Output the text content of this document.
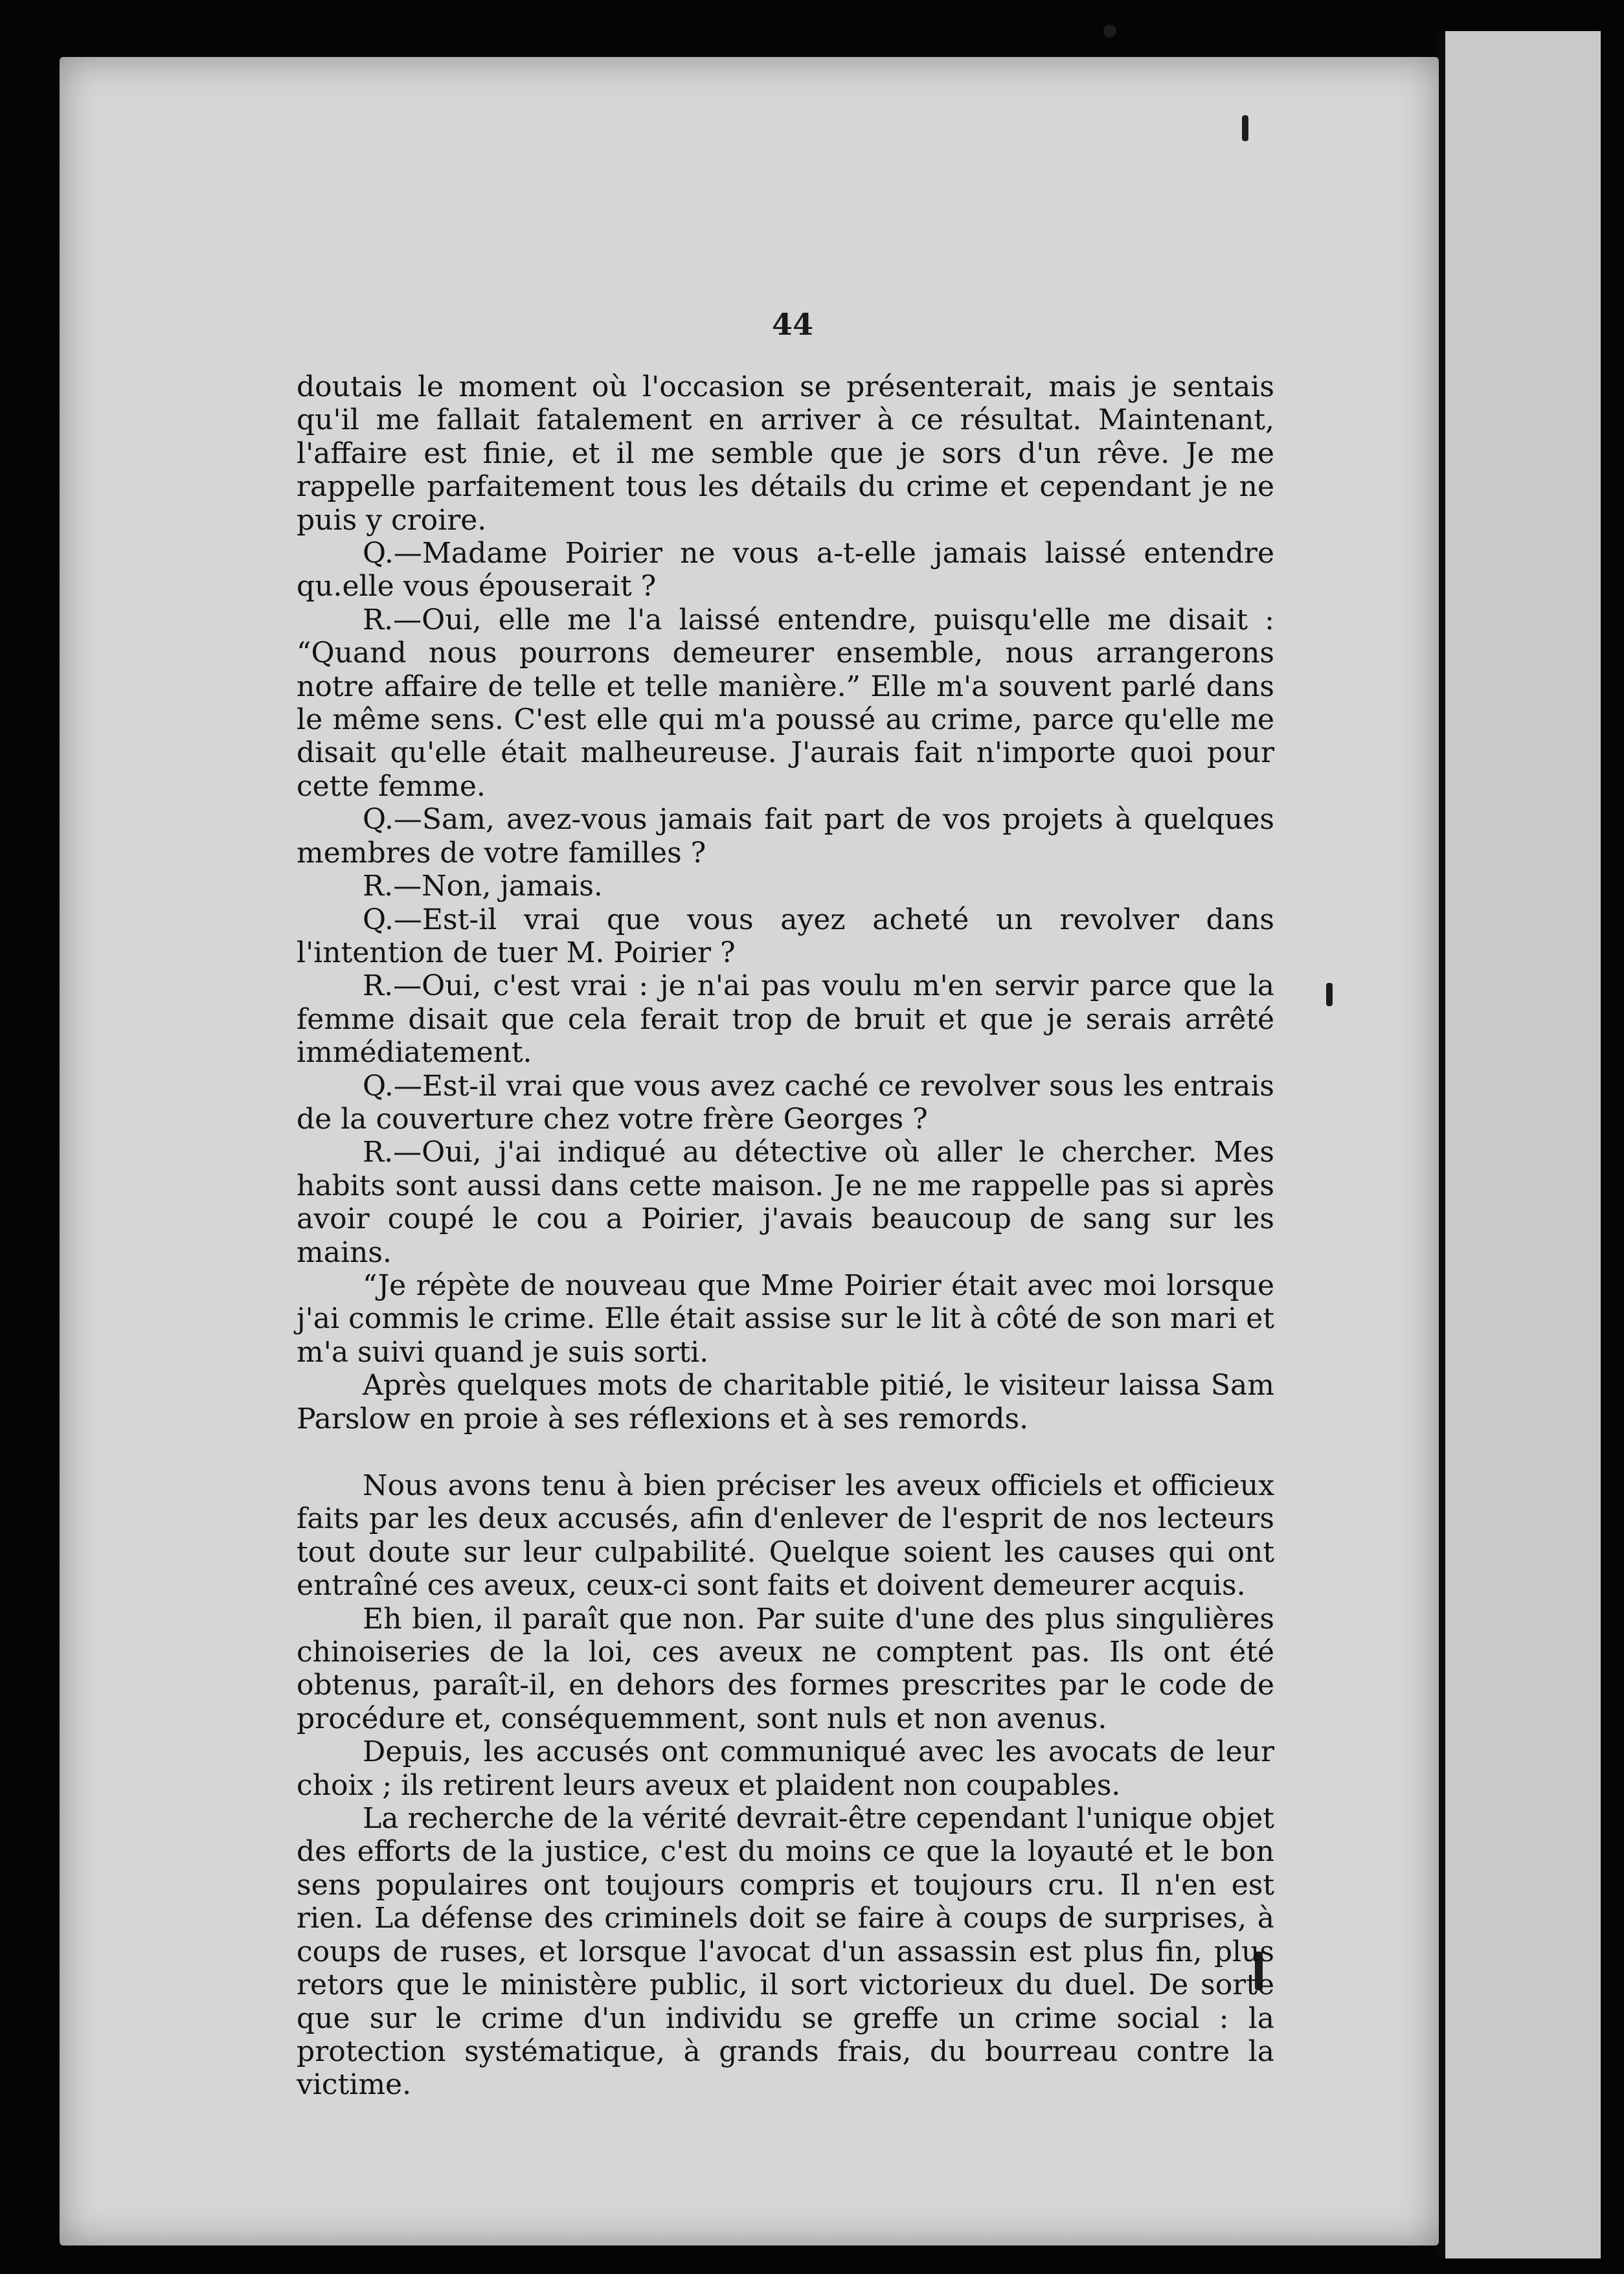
44

doutais le moment où l'occasion se présenterait, mais je sentais qu'il me fallait fatalement en arriver à ce résultat. Maintenant, l'affaire est finie, et il me semble que je sors d'un rêve. Je me rappelle parfaitement tous les détails du crime et cependant je ne puis y croire.

Q.—Madame Poirier ne vous a-t-elle jamais laissé entendre qu.elle vous épouserait ?

R.—Oui, elle me l'a laissé entendre, puisqu'elle me disait : “Quand nous pourrons demeurer ensemble, nous arrangerons notre affaire de telle et telle manière.” Elle m'a souvent parlé dans le même sens. C'est elle qui m'a poussé au crime, parce qu'elle me disait qu'elle était malheureuse. J'aurais fait n'importe quoi pour cette femme.

Q.—Sam, avez-vous jamais fait part de vos projets à quelques membres de votre familles ?

R.—Non, jamais.

Q.—Est-il vrai que vous ayez acheté un revolver dans l'intention de tuer M. Poirier ?

R.—Oui, c'est vrai : je n'ai pas voulu m'en servir parce que la femme disait que cela ferait trop de bruit et que je serais arrêté immédiatement.

Q.—Est-il vrai que vous avez caché ce revolver sous les entrais de la couverture chez votre frère Georges ?

R.—Oui, j'ai indiqué au détective où aller le chercher. Mes habits sont aussi dans cette maison. Je ne me rappelle pas si après avoir coupé le cou a Poirier, j'avais beaucoup de sang sur les mains.

“Je répète de nouveau que Mme Poirier était avec moi lorsque j'ai commis le crime. Elle était assise sur le lit à côté de son mari et m'a suivi quand je suis sorti.

Après quelques mots de charitable pitié, le visiteur laissa Sam Parslow en proie à ses réflexions et à ses remords.

Nous avons tenu à bien préciser les aveux officiels et officieux faits par les deux accusés, afin d'enlever de l'esprit de nos lecteurs tout doute sur leur culpabilité. Quelque soient les causes qui ont entraîné ces aveux, ceux-ci sont faits et doivent demeurer acquis.

Eh bien, il paraît que non. Par suite d'une des plus singulières chinoiseries de la loi, ces aveux ne comptent pas. Ils ont été obtenus, paraît-il, en dehors des formes prescrites par le code de procédure et, conséquemment, sont nuls et non avenus.

Depuis, les accusés ont communiqué avec les avocats de leur choix ; ils retirent leurs aveux et plaident non coupables.

La recherche de la vérité devrait-être cependant l'unique objet des efforts de la justice, c'est du moins ce que la loyauté et le bon sens populaires ont toujours compris et toujours cru. Il n'en est rien. La défense des criminels doit se faire à coups de surprises, à coups de ruses, et lorsque l'avocat d'un assassin est plus fin, plus retors que le ministère public, il sort victorieux du duel. De sorte que sur le crime d'un individu se greffe un crime social : la protection systématique, à grands frais, du bourreau contre la victime.
